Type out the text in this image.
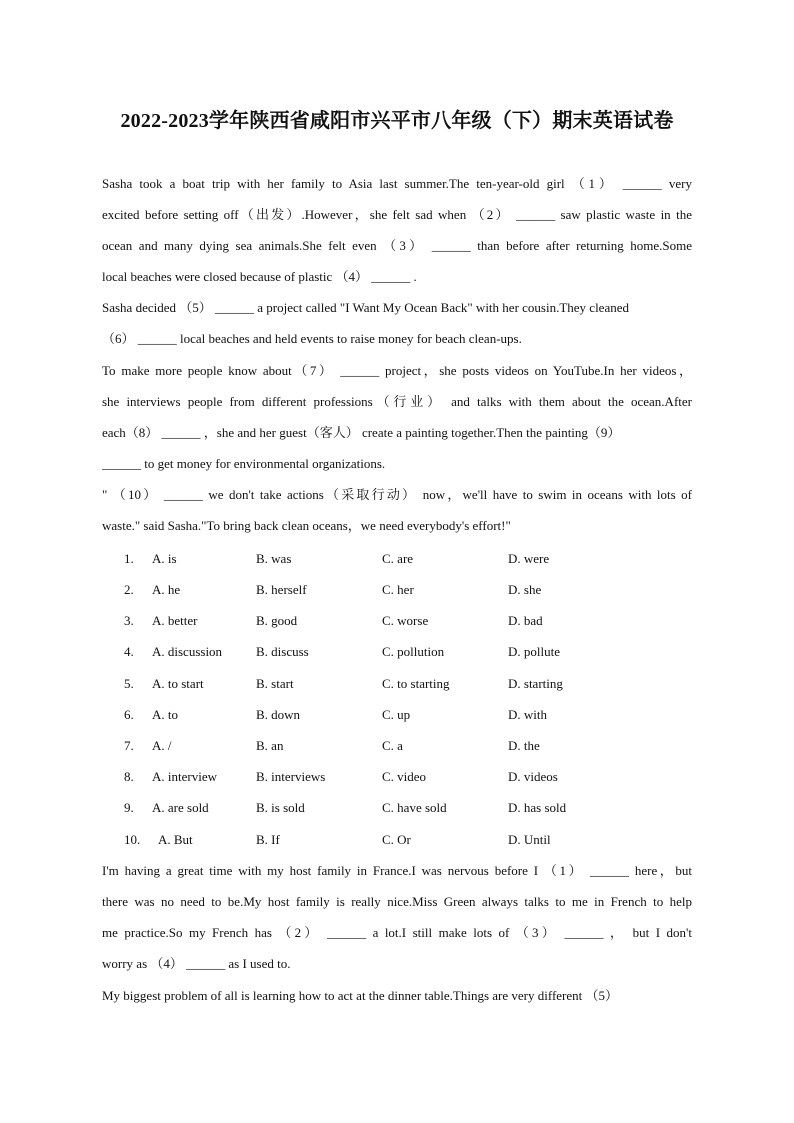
2022-2023学年陕西省咸阳市兴平市八年级（下）期末英语试卷
Sasha took a boat trip with her family to Asia last summer.The ten-year-old girl （1） ______ very
excited before setting off（出发）.However，she felt sad when （2） ______ saw plastic waste in the
ocean and many dying sea animals.She felt even （3） ______ than before after returning home.Some
local beaches were closed because of plastic （4） ______ .
Sasha decided （5） ______ a project called "I Want My Ocean Back" with her cousin.They cleaned
（6） ______ local beaches and held events to raise money for beach clean-ups.
To make more people know about（7） ______ project，she posts videos on YouTube.In her videos，
she interviews people from different professions（行业） and talks with them about the ocean.After
each（8） ______ ，she and her guest（客人） create a painting together.Then the painting（9）
______ to get money for environmental organizations.
" （10） ______ we don't take actions（采取行动） now，we'll have to swim in oceans with lots of
waste." said Sasha."To bring back clean oceans，we need everybody's effort!"
1. A. is	B. was	C. are	D. were
2. A. he	B. herself	C. her	D. she
3. A. better	B. good	C. worse	D. bad
4. A. discussion	B. discuss	C. pollution	D. pollute
5. A. to start	B. start	C. to starting	D. starting
6. A. to	B. down	C. up	D. with
7. A. /	B. an	C. a	D. the
8. A. interview	B. interviews	C. video	D. videos
9. A. are sold	B. is sold	C. have sold	D. has sold
10. A. But	B. If	C. Or	D. Until
I'm having a great time with my host family in France.I was nervous before I （1） ______ here，but
there was no need to be.My host family is really nice.Miss Green always talks to me in French to help
me practice.So my French has （2） ______ a lot.I still make lots of （3） ______ ， but I don't
worry as （4） ______ as I used to.
My biggest problem of all is learning how to act at the dinner table.Things are very different （5）
